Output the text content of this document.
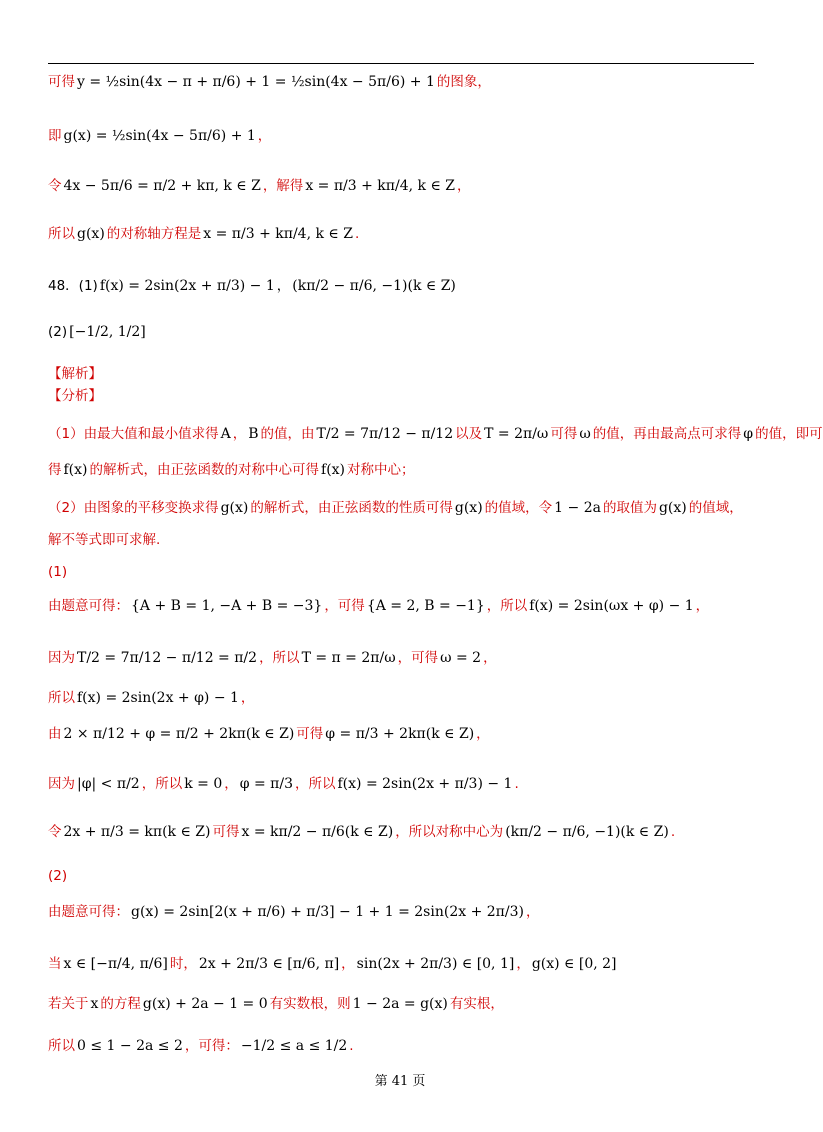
可得 y = ½sin(4x − π + π/6) + 1 = ½sin(4x − 5π/6) + 1 的图象，
即 g(x) = ½sin(4x − 5π/6) + 1 ，
令 4x − 5π/6 = π/2 + kπ, k ∈ Z ，解得 x = π/3 + kπ/4, k ∈ Z ，
所以 g(x) 的对称轴方程是 x = π/3 + kπ/4, k ∈ Z .
48．(1) f(x) = 2sin(2x + π/3) − 1 ， (kπ/2 − π/6, −1)(k ∈ Z)
(2) [−1/2, 1/2]
【解析】
【分析】
（1）由最大值和最小值求得 A ， B 的值，由 T/2 = 7π/12 − π/12 以及 T = 2π/ω 可得 ω 的值，再由最高点可求得 φ 的值，即可
得 f(x) 的解析式，由正弦函数的对称中心可得 f(x) 对称中心；
（2）由图象的平移变换求得 g(x) 的解析式，由正弦函数的性质可得 g(x) 的值域，令 1 − 2a 的取值为 g(x) 的值域，
解不等式即可求解.
(1)
由题意可得： {A + B = 1, −A + B = −3} ，可得 {A = 2, B = −1} ，所以 f(x) = 2sin(ωx + φ) − 1 ，
因为 T/2 = 7π/12 − π/12 = π/2 ，所以 T = π = 2π/ω ，可得 ω = 2 ，
所以 f(x) = 2sin(2x + φ) − 1 ，
由 2 × π/12 + φ = π/2 + 2kπ(k ∈ Z) 可得 φ = π/3 + 2kπ(k ∈ Z) ，
因为 |φ| < π/2 ，所以 k = 0 ， φ = π/3 ，所以 f(x) = 2sin(2x + π/3) − 1 .
令 2x + π/3 = kπ(k ∈ Z) 可得 x = kπ/2 − π/6(k ∈ Z) ，所以对称中心为 (kπ/2 − π/6, −1)(k ∈ Z) .
(2)
由题意可得： g(x) = 2sin[2(x + π/6) + π/3] − 1 + 1 = 2sin(2x + 2π/3) ，
当 x ∈ [−π/4, π/6] 时， 2x + 2π/3 ∈ [π/6, π] ， sin(2x + 2π/3) ∈ [0, 1] ， g(x) ∈ [0, 2]
若关于 x 的方程 g(x) + 2a − 1 = 0 有实数根，则 1 − 2a = g(x) 有实根，
所以 0 ≤ 1 − 2a ≤ 2 ，可得： −1/2 ≤ a ≤ 1/2 .
第 41 页
